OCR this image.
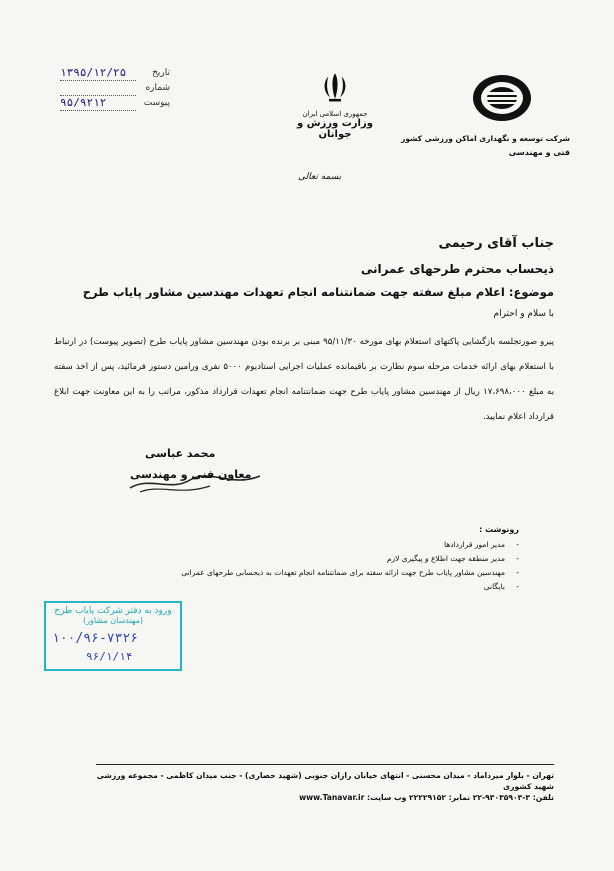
تاریخ
۱۳۹۵/۱۲/۲۵
شماره
پیوست
۹۵/۹۲۱۲
جمهوری اسلامی ایران
وزارت ورزش و جوانان	شرکت توسعه و نگهداری اماکن ورزشی کشور
فنی و مهندسی
بسمه تعالی
جناب آقای رحیمی
ذیحساب محترم طرحهای عمرانی
موضوع: اعلام مبلغ سفته جهت ضمانتنامه انجام تعهدات مهندسین مشاور پایاب طرح
با سلام و احترام
پیرو صورتجلسه بازگشایی پاکتهای استعلام بهای مورخه ۹۵/۱۱/۳۰ مبنی بر برنده بودن مهندسین مشاور پایاب طرح (تصویر پیوست) در ارتباط با استعلام بهای ارائه خدمات مرحله سوم نظارت بر باقیمانده عملیات اجرایی استادیوم ۵۰۰۰ نفری ورامین دستور فرمائید، پس از اخذ سفته به مبلغ ۱۷،۶۹۸،۰۰۰ ریال از مهندسین مشاور پایاب طرح جهت ضمانتنامه انجام تعهدات قرارداد مذکور، مراتب را به این معاونت جهت ابلاغ قرارداد اعلام نمایید.
محمد عباسی
معاون فنی و مهندسی
رونوشت :
-
مدیر امور قراردادها
-
مدیر منطقه جهت اطلاع و پیگیری لازم
-
مهندسین مشاور پایاب طرح جهت ارائه سفته برای ضمانتنامه انجام تعهدات به ذیحسابی طرحهای عمرانی
-
بایگانی
ورود به دفتر شرکت پایاب طرح
(مهندسان مشاور)
۱۰۰/۹۶-۷۳۲۶
۹۶/۱/۱۴
تهران - بلوار میرداماد - میدان محسنی - انتهای خیابان رازان جنوبی (شهید حصاری) - جنب میدان کاظمی - مجموعه ورزشی شهید کشوری
تلفن: ۳-۹۳۰۳۵۹۰۳-۲۲ نمابر: ۲۲۲۲۹۱۵۲ وب سایت: www.Tanavar.ir
